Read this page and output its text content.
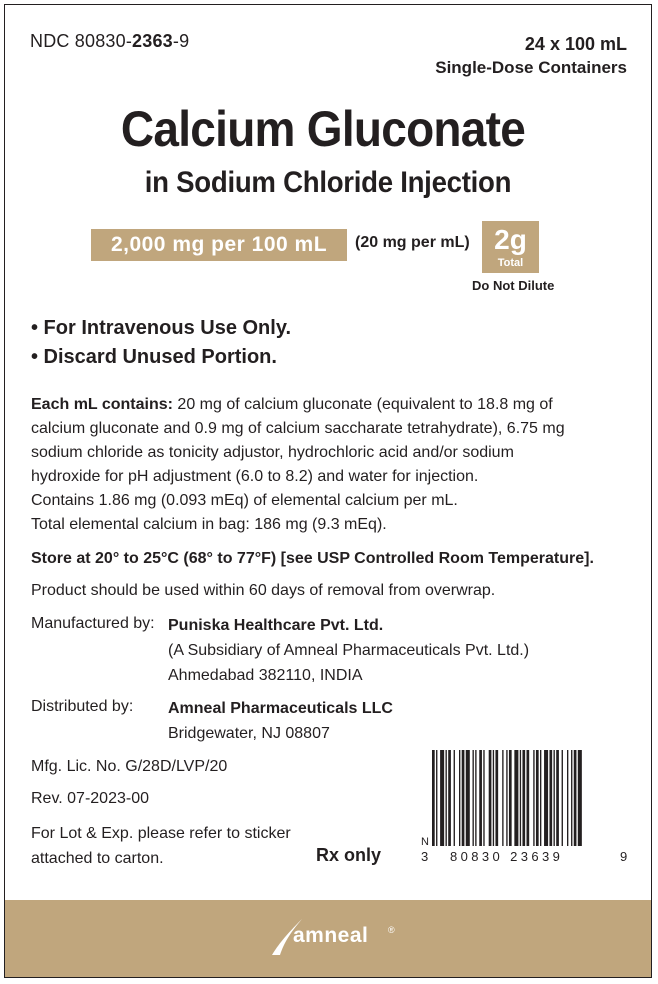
NDC 80830-2363-9	24 x 100 mL
Single-Dose Containers
Calcium Gluconate
in Sodium Chloride Injection
2,000 mg per 100 mL	(20 mg per mL) 2g
Total
Do Not Dilute
• For Intravenous Use Only.
• Discard Unused Portion.
Each mL contains: 20 mg of calcium gluconate (equivalent to 18.8 mg of
calcium gluconate and 0.9 mg of calcium saccharate tetrahydrate), 6.75 mg
sodium chloride as tonicity adjustor, hydrochloric acid and/or sodium
hydroxide for pH adjustment (6.0 to 8.2) and water for injection.
Contains 1.86 mg (0.093 mEq) of elemental calcium per mL.
Total elemental calcium in bag: 186 mg (9.3 mEq).
Store at 20° to 25°C (68° to 77°F) [see USP Controlled Room Temperature].
Product should be used within 60 days of removal from overwrap.
Manufactured by: Puniska Healthcare Pvt. Ltd.
(A Subsidiary of Amneal Pharmaceuticals Pvt. Ltd.)
Ahmedabad 382110, INDIA
Distributed by: Amneal Pharmaceuticals LLC
Bridgewater, NJ 08807
Mfg. Lic. No. G/28D/LVP/20
Rev. 07-2023-00
For Lot & Exp. please refer to sticker
attached to carton.	Rx only
N
3 80830 23639	9
amneal ®
